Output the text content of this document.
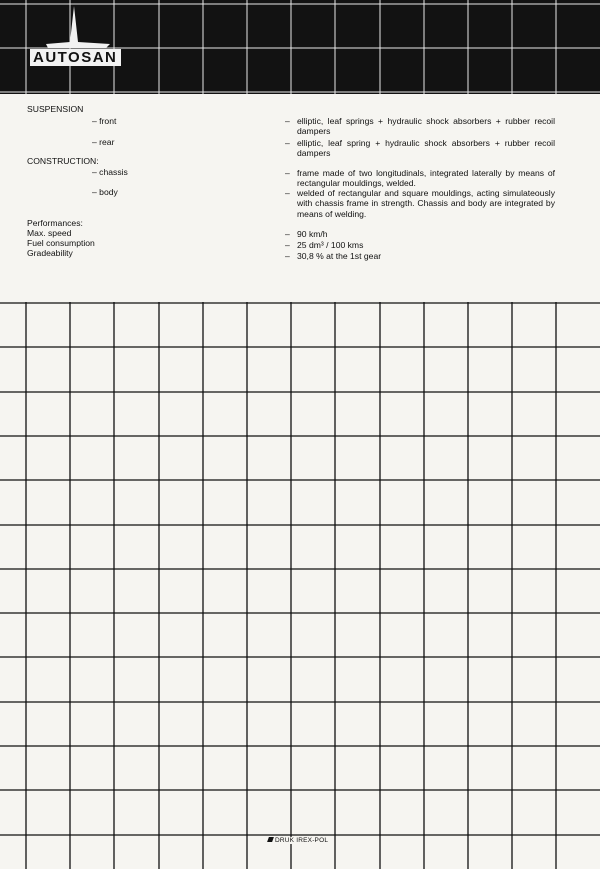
AUTOSAN
SUSPENSION
– front
– rear
– elliptic, leaf springs + hydraulic shock absorbers + rubber recoil dampers
– elliptic, leaf spring + hydraulic shock absorbers + rubber recoil dampers
CONSTRUCTION:
– chassis
– body
– frame made of two longitudinals, integrated laterally by means of rectangular mouldings, welded.
– welded of rectangular and square mouldings, acting simulateously with chassis frame in strength. Chassis and body are integrated by means of welding.
Performances:
Max. speed
Fuel consumption
Gradeability
– 90 km/h
– 25 dm³ / 100 kms
– 30,8 % at the 1st gear
DRUK IREX-POL
